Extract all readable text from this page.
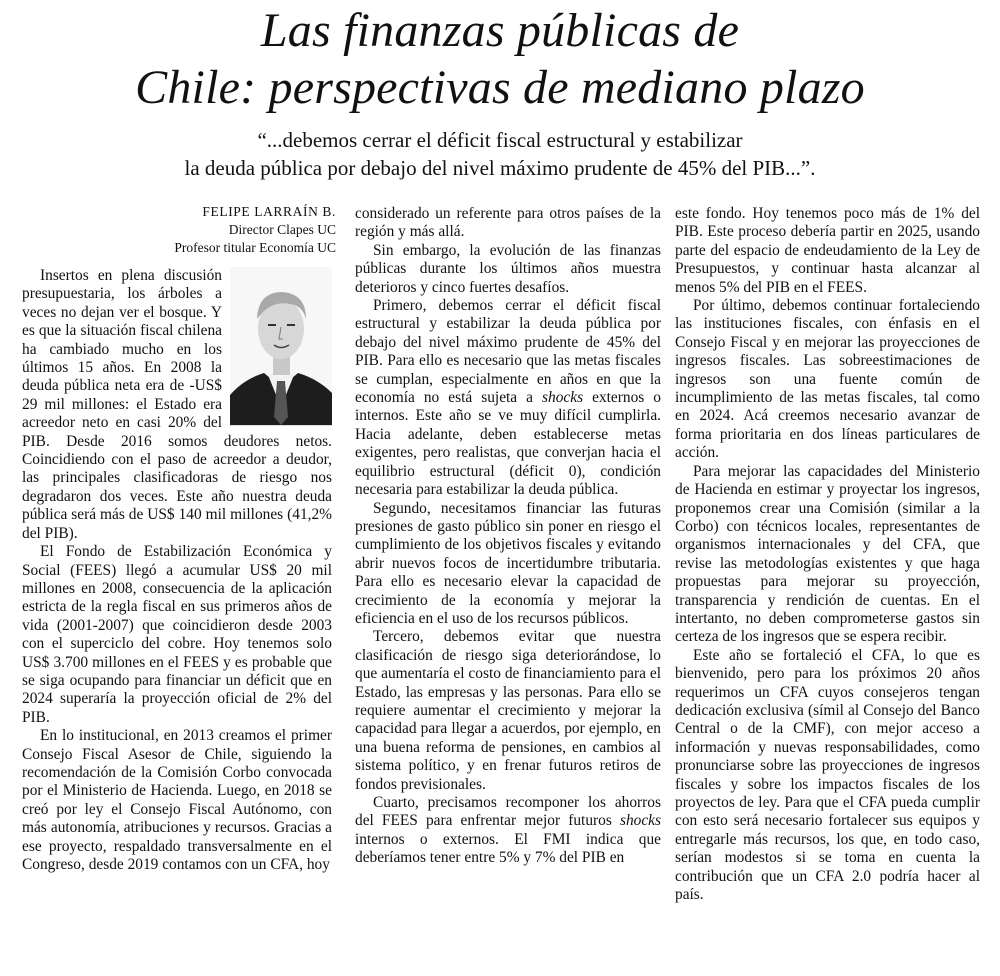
Las finanzas públicas de
Chile: perspectivas de mediano plazo

“...debemos cerrar el déficit fiscal estructural y estabilizar
la deuda pública por debajo del nivel máximo prudente de 45% del PIB...”.

FELIPE LARRAÍN B.
Director Clapes UC
Profesor titular Economía UC

Insertos en plena discusión presupuestaria, los árboles a veces no dejan ver el bosque. Y es que la situación fiscal chilena ha cambiado mucho en los últimos 15 años. En 2008 la deuda pública neta era de -US$ 29 mil millones: el Estado era acreedor neto en casi 20% del PIB. Desde 2016 somos deudores netos. Coincidiendo con el paso de acreedor a deudor, las principales clasificadoras de riesgo nos degradaron dos veces. Este año nuestra deuda pública será más de US$ 140 mil millones (41,2% del PIB).

El Fondo de Estabilización Económica y Social (FEES) llegó a acumular US$ 20 mil millones en 2008, consecuencia de la aplicación estricta de la regla fiscal en sus primeros años de vida (2001-2007) que coincidieron desde 2003 con el superciclo del cobre. Hoy tenemos solo US$ 3.700 millones en el FEES y es probable que se siga ocupando para financiar un déficit que en 2024 superaría la proyección oficial de 2% del PIB.

En lo institucional, en 2013 creamos el primer Consejo Fiscal Asesor de Chile, siguiendo la recomendación de la Comisión Corbo convocada por el Ministerio de Hacienda. Luego, en 2018 se creó por ley el Consejo Fiscal Autónomo, con más autonomía, atribuciones y recursos. Gracias a ese proyecto, respaldado transversalmente en el Congreso, desde 2019 contamos con un CFA, hoy

considerado un referente para otros países de la región y más allá.

Sin embargo, la evolución de las finanzas públicas durante los últimos años muestra deterioros y cinco fuertes desafíos.

Primero, debemos cerrar el déficit fiscal estructural y estabilizar la deuda pública por debajo del nivel máximo prudente de 45% del PIB. Para ello es necesario que las metas fiscales se cumplan, especialmente en años en que la economía no está sujeta a shocks externos o internos. Este año se ve muy difícil cumplirla. Hacia adelante, deben establecerse metas exigentes, pero realistas, que converjan hacia el equilibrio estructural (déficit 0), condición necesaria para estabilizar la deuda pública.

Segundo, necesitamos financiar las futuras presiones de gasto público sin poner en riesgo el cumplimiento de los objetivos fiscales y evitando abrir nuevos focos de incertidumbre tributaria. Para ello es necesario elevar la capacidad de crecimiento de la economía y mejorar la eficiencia en el uso de los recursos públicos.

Tercero, debemos evitar que nuestra clasificación de riesgo siga deteriorándose, lo que aumentaría el costo de financiamiento para el Estado, las empresas y las personas. Para ello se requiere aumentar el crecimiento y mejorar la capacidad para llegar a acuerdos, por ejemplo, en una buena reforma de pensiones, en cambios al sistema político, y en frenar futuros retiros de fondos previsionales.

Cuarto, precisamos recomponer los ahorros del FEES para enfrentar mejor futuros shocks internos o externos. El FMI indica que deberíamos tener entre 5% y 7% del PIB en

este fondo. Hoy tenemos poco más de 1% del PIB. Este proceso debería partir en 2025, usando parte del espacio de endeudamiento de la Ley de Presupuestos, y continuar hasta alcanzar al menos 5% del PIB en el FEES.

Por último, debemos continuar fortaleciendo las instituciones fiscales, con énfasis en el Consejo Fiscal y en mejorar las proyecciones de ingresos fiscales. Las sobreestimaciones de ingresos son una fuente común de incumplimiento de las metas fiscales, tal como en 2024. Acá creemos necesario avanzar de forma prioritaria en dos líneas particulares de acción.

Para mejorar las capacidades del Ministerio de Hacienda en estimar y proyectar los ingresos, proponemos crear una Comisión (similar a la Corbo) con técnicos locales, representantes de organismos internacionales y del CFA, que revise las metodologías existentes y que haga propuestas para mejorar su proyección, transparencia y rendición de cuentas. En el intertanto, no deben comprometerse gastos sin certeza de los ingresos que se espera recibir.

Este año se fortaleció el CFA, lo que es bienvenido, pero para los próximos 20 años requerimos un CFA cuyos consejeros tengan dedicación exclusiva (símil al Consejo del Banco Central o de la CMF), con mejor acceso a información y nuevas responsabilidades, como pronunciarse sobre las proyecciones de ingresos fiscales y sobre los impactos fiscales de los proyectos de ley. Para que el CFA pueda cumplir con esto será necesario fortalecer sus equipos y entregarle más recursos, los que, en todo caso, serían modestos si se toma en cuenta la contribución que un CFA 2.0 podría hacer al país.
